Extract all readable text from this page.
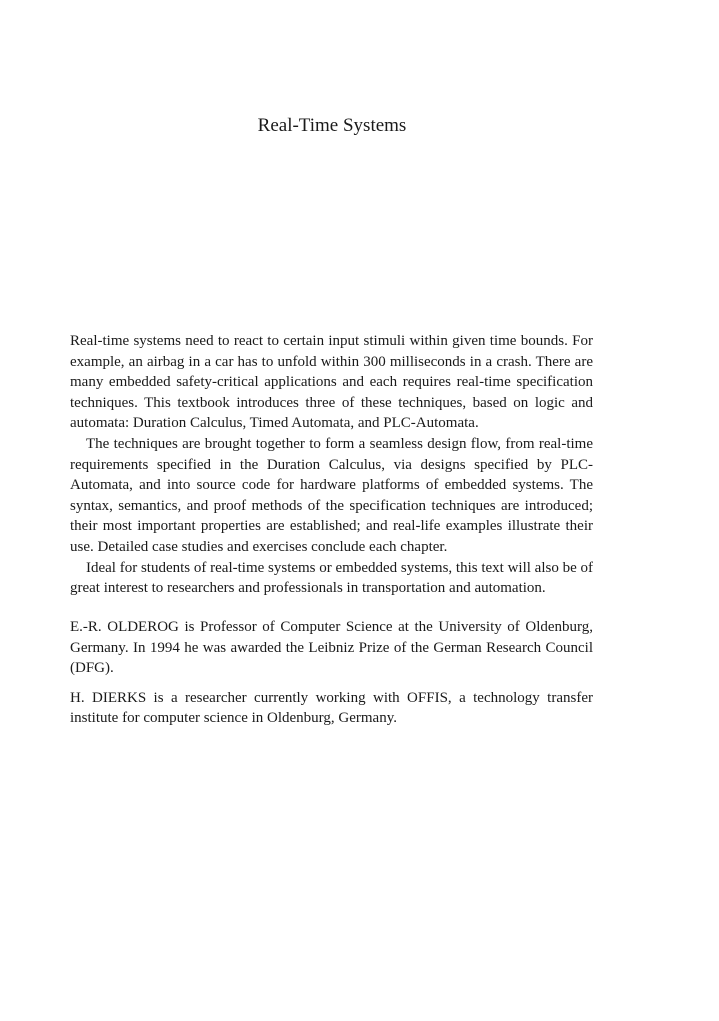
Real-Time Systems

Real-time systems need to react to certain input stimuli within given time bounds. For example, an airbag in a car has to unfold within 300 milliseconds in a crash. There are many embedded safety-critical applications and each requires real-time specification techniques. This textbook introduces three of these techniques, based on logic and automata: Duration Calculus, Timed Automata, and PLC-Automata.

The techniques are brought together to form a seamless design flow, from real-time requirements specified in the Duration Calculus, via designs specified by PLC-Automata, and into source code for hardware platforms of embedded systems. The syntax, semantics, and proof methods of the specification techniques are introduced; their most important properties are established; and real-life examples illustrate their use. Detailed case studies and exercises conclude each chapter.

Ideal for students of real-time systems or embedded systems, this text will also be of great interest to researchers and professionals in transportation and automation.

E.-R. OLDEROG is Professor of Computer Science at the University of Oldenburg, Germany. In 1994 he was awarded the Leibniz Prize of the German Research Council (DFG).

H. DIERKS is a researcher currently working with OFFIS, a technology transfer institute for computer science in Oldenburg, Germany.
